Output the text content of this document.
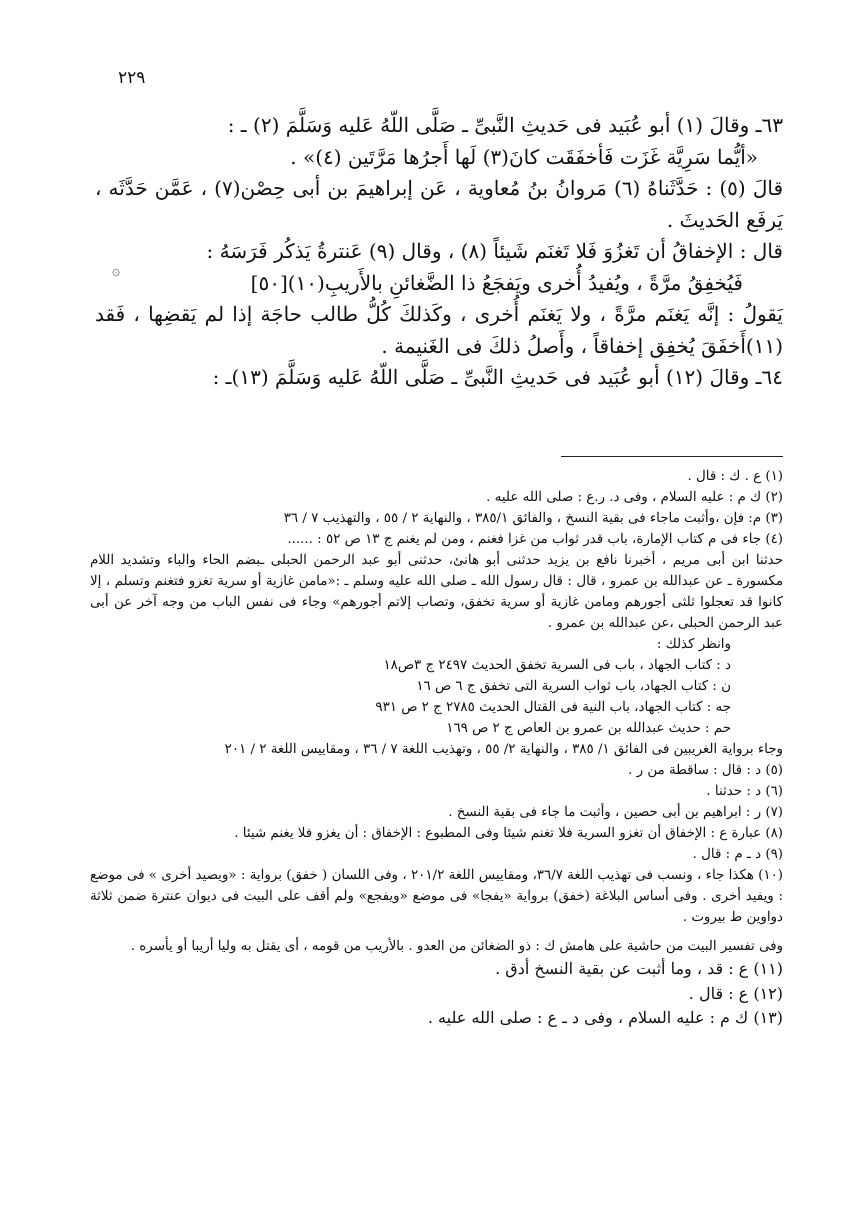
٢٢٩
۞

٦٣ـ وقالَ (١) أبو عُبَيد فى حَديثِ النَّبىِّ ـ صَلَّى اللّهُ عَليه وَسَلَّمَ (٢) ـ :

«أيُّما سَرِيَّة غَزَت فَأخفَقَت كانَ(٣) لَها أَجرُها مَرَّتَين (٤)» .

قالَ (٥) : حَدَّثَناهُ (٦) مَروانُ بنُ مُعاوية ، عَن إبراهيمَ بن أبى حِصْن(٧) ، عَمَّن حَدَّثَه ، يَرفَع الحَديثَ .

قال : الإخفاقُ أن تَغزُوَ فَلا تَغنَم شَيئاً (٨) ، وقال (٩) عَنترةُ يَذكُر فَرَسَهُ :

فَيُخفِقُ مرَّةً ، ويُفيدُ أُخرى ويَفجَعُ ذا الضَّغائنِ بالأَريبِ(١٠)[٥٠]

يَقولُ : إنَّه يَغنَم مرَّةً ، ولا يَغنَم أُخرى ، وكَذلكَ كُلُّ طالب حاجَة إذا لم يَقضِها ، فَقد (١١)أَخفَقَ يُخفِق إخفاقاً ، وأَصلُ ذلكَ فى الغَنيمة .

٦٤ـ وقالَ (١٢) أبو عُبَيد فى حَديثِ النَّبىِّ ـ صَلَّى اللّهُ عَليه وَسَلَّمَ (١٣)ـ :

(١) ع . ك : قال .

(٢) ك م : عليه السلام ، وفى د. ر.ع : صلى الله عليه .

(٣) م: فإن ،وأثبت ماجاء فى بقية النسخ ، والفائق ٣٨٥/١ ، والنهاية ٢ / ٥٥ ، والتهذيب ٧ / ٣٦

(٤) جاء فى م كتاب الإمارة، باب قدر ثواب من غزا فغنم ، ومن لم يغنم ج ١٣ ص ٥٢ : ......

حدثنا ابن أبى مريم ، أخبرنا نافع بن يزيد حدثنى أبو هانئ، حدثنى أبو عبد الرحمن الحبلى ـبضم الحاء والباء وتشديد اللام مكسورة ـ عن عبدالله بن عمرو ، قال : قال رسول الله ـ صلى الله عليه وسلم ـ :«مامن غازية أو سرية تغزو فتغنم وتسلم ، إلا كانوا قد تعجلوا ثلثى أجورهم ومامن غازية أو سرية تخفق، وتصاب إلاتم أجورهم» وجاء فى نفس الباب من وجه آخر عن أبى عبد الرحمن الحبلى ،عن عبدالله بن عمرو .

وانظر كذلك :

د : كتاب الجهاد ، باب فى السرية تخفق الحديث ٢٤٩٧ ج ٣ص١٨

ن : كتاب الجهاد، باب ثواب السرية التى تخفق ج ٦ ص ١٦

جه : كتاب الجهاد، باب النية فى القتال الحديث ٢٧٨٥ ج ٢ ص ٩٣١

حم : حديث عبدالله بن عمرو بن العاص ج ٢ ص ١٦٩

وجاء برواية الغريبين فى الفائق ١/ ٣٨٥ ، والنهاية ٢/ ٥٥ ، وتهذيب اللغة ٧ / ٣٦ ، ومقاييس اللغة ٢ / ٢٠١

(٥) د : قال : ساقطة من ر .

(٦) د : حدثنا .

(٧) ر : ابراهيم بن أبى حصين ، وأثبت ما جاء فى بقية النسخ .

(٨) عبارة ع : الإخفاق أن تغزو السرية فلا تغنم شيئا وفى المطبوع : الإخفاق : أن يغزو فلا يغنم شيئا .

(٩) د ـ م : قال .

(١٠) هكذا جاء ، ونسب فى تهذيب اللغة ٣٦/٧، ومقاييس اللغة ٢٠١/٢ ، وفى اللسان ( خفق) برواية : «ويصيد أخرى » فى موضع : ويفيد أخرى . وفى أساس البلاغة (خفق) برواية «يفجا» فى موضع «ويفجع» ولم أقف على البيت فى ديوان عنترة ضمن ثلاثة دواوين ط بيروت .

وفى تفسير البيت من حاشية على هامش ك : ذو الضغائن من العدو . بالأريب من قومه ، أى يقتل به وليا أريبا أو يأسره .

(١١) ع : قد ، وما أثبت عن بقية النسخ أدق .

(١٢) ع : قال .

(١٣) ك م : عليه السلام ، وفى د ـ ع : صلى الله عليه .
